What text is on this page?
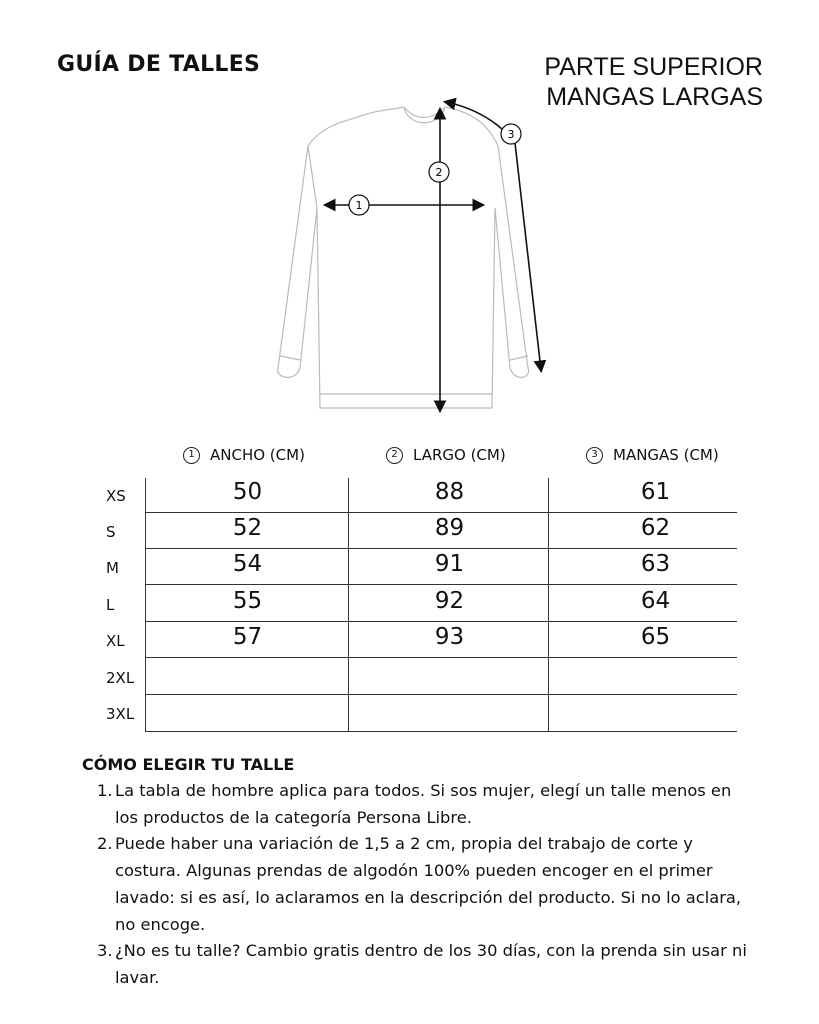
GUÍA DE TALLES	PARTE SUPERIOR
MANGAS LARGAS
1
2
3
1	ANCHO (CM)	2	LARGO (CM)	3	MANGAS (CM)
XS	50	88	61
S	52	89	62
M	54	91	63
L	55	92	64
XL	57	93	65
2XL
3XL
CÓMO ELEGIR TU TALLE
1. La tabla de hombre aplica para todos. Si sos mujer, elegí un talle menos en los productos de la categoría Persona Libre.
2. Puede haber una variación de 1,5 a 2 cm, propia del trabajo de corte y costura. Algunas prendas de algodón 100% pueden encoger en el primer lavado: si es así, lo aclaramos en la descripción del producto. Si no lo aclara, no encoge.
3. ¿No es tu talle? Cambio gratis dentro de los 30 días, con la prenda sin usar ni lavar.
